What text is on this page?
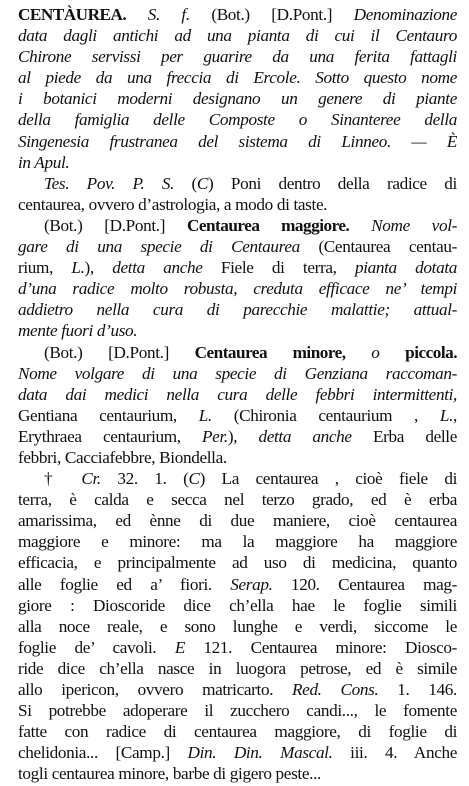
CENTÀUREA. S. f. (Bot.) [D.Pont.] Denominazione
data dagli antichi ad una pianta di cui il Centauro
Chirone servissi per guarire da una ferita fattagli
al piede da una freccia di Ercole. Sotto questo nome
i botanici moderni designano un genere di piante
della famiglia delle Composte o Sinanteree della
Singenesia frustranea del sistema di Linneo. — È
in Apul.
Tes. Pov. P. S. (C) Poni dentro della radice di
centaurea, ovvero d’astrologia, a modo di taste.
(Bot.) [D.Pont.] Centaurea maggiore. Nome vol-
gare di una specie di Centaurea (Centaurea centau-
rium, L.), detta anche Fiele di terra, pianta dotata
d’una radice molto robusta, creduta efficace ne’ tempi
addietro nella cura di parecchie malattie; attual-
mente fuori d’uso.
(Bot.) [D.Pont.] Centaurea minore, o piccola.
Nome volgare di una specie di Genziana raccoman-
data dai medici nella cura delle febbri intermittenti,
Gentiana centaurium, L. (Chironia centaurium , L.,
Erythraea centaurium, Per.), detta anche Erba delle
febbri, Cacciafebbre, Biondella.
† Cr. 32. 1. (C) La centaurea , cioè fiele di
terra, è calda e secca nel terzo grado, ed è erba
amarissima, ed ènne di due maniere, cioè centaurea
maggiore e minore: ma la maggiore ha maggiore
efficacia, e principalmente ad uso di medicina, quanto
alle foglie ed a’ fiori. Serap. 120. Centaurea mag-
giore : Dioscoride dice ch’ella hae le foglie simili
alla noce reale, e sono lunghe e verdi, siccome le
foglie de’ cavoli. E 121. Centaurea minore: Diosco-
ride dice ch’ella nasce in luogora petrose, ed è simile
allo ipericon, ovvero matricarto. Red. Cons. 1. 146.
Si potrebbe adoperare il zucchero candi..., le fomente
fatte con radice di centaurea maggiore, di foglie di
chelidonia... [Camp.] Din. Din. Mascal. iii. 4. Anche
togli centaurea minore, barbe di gigero peste...
